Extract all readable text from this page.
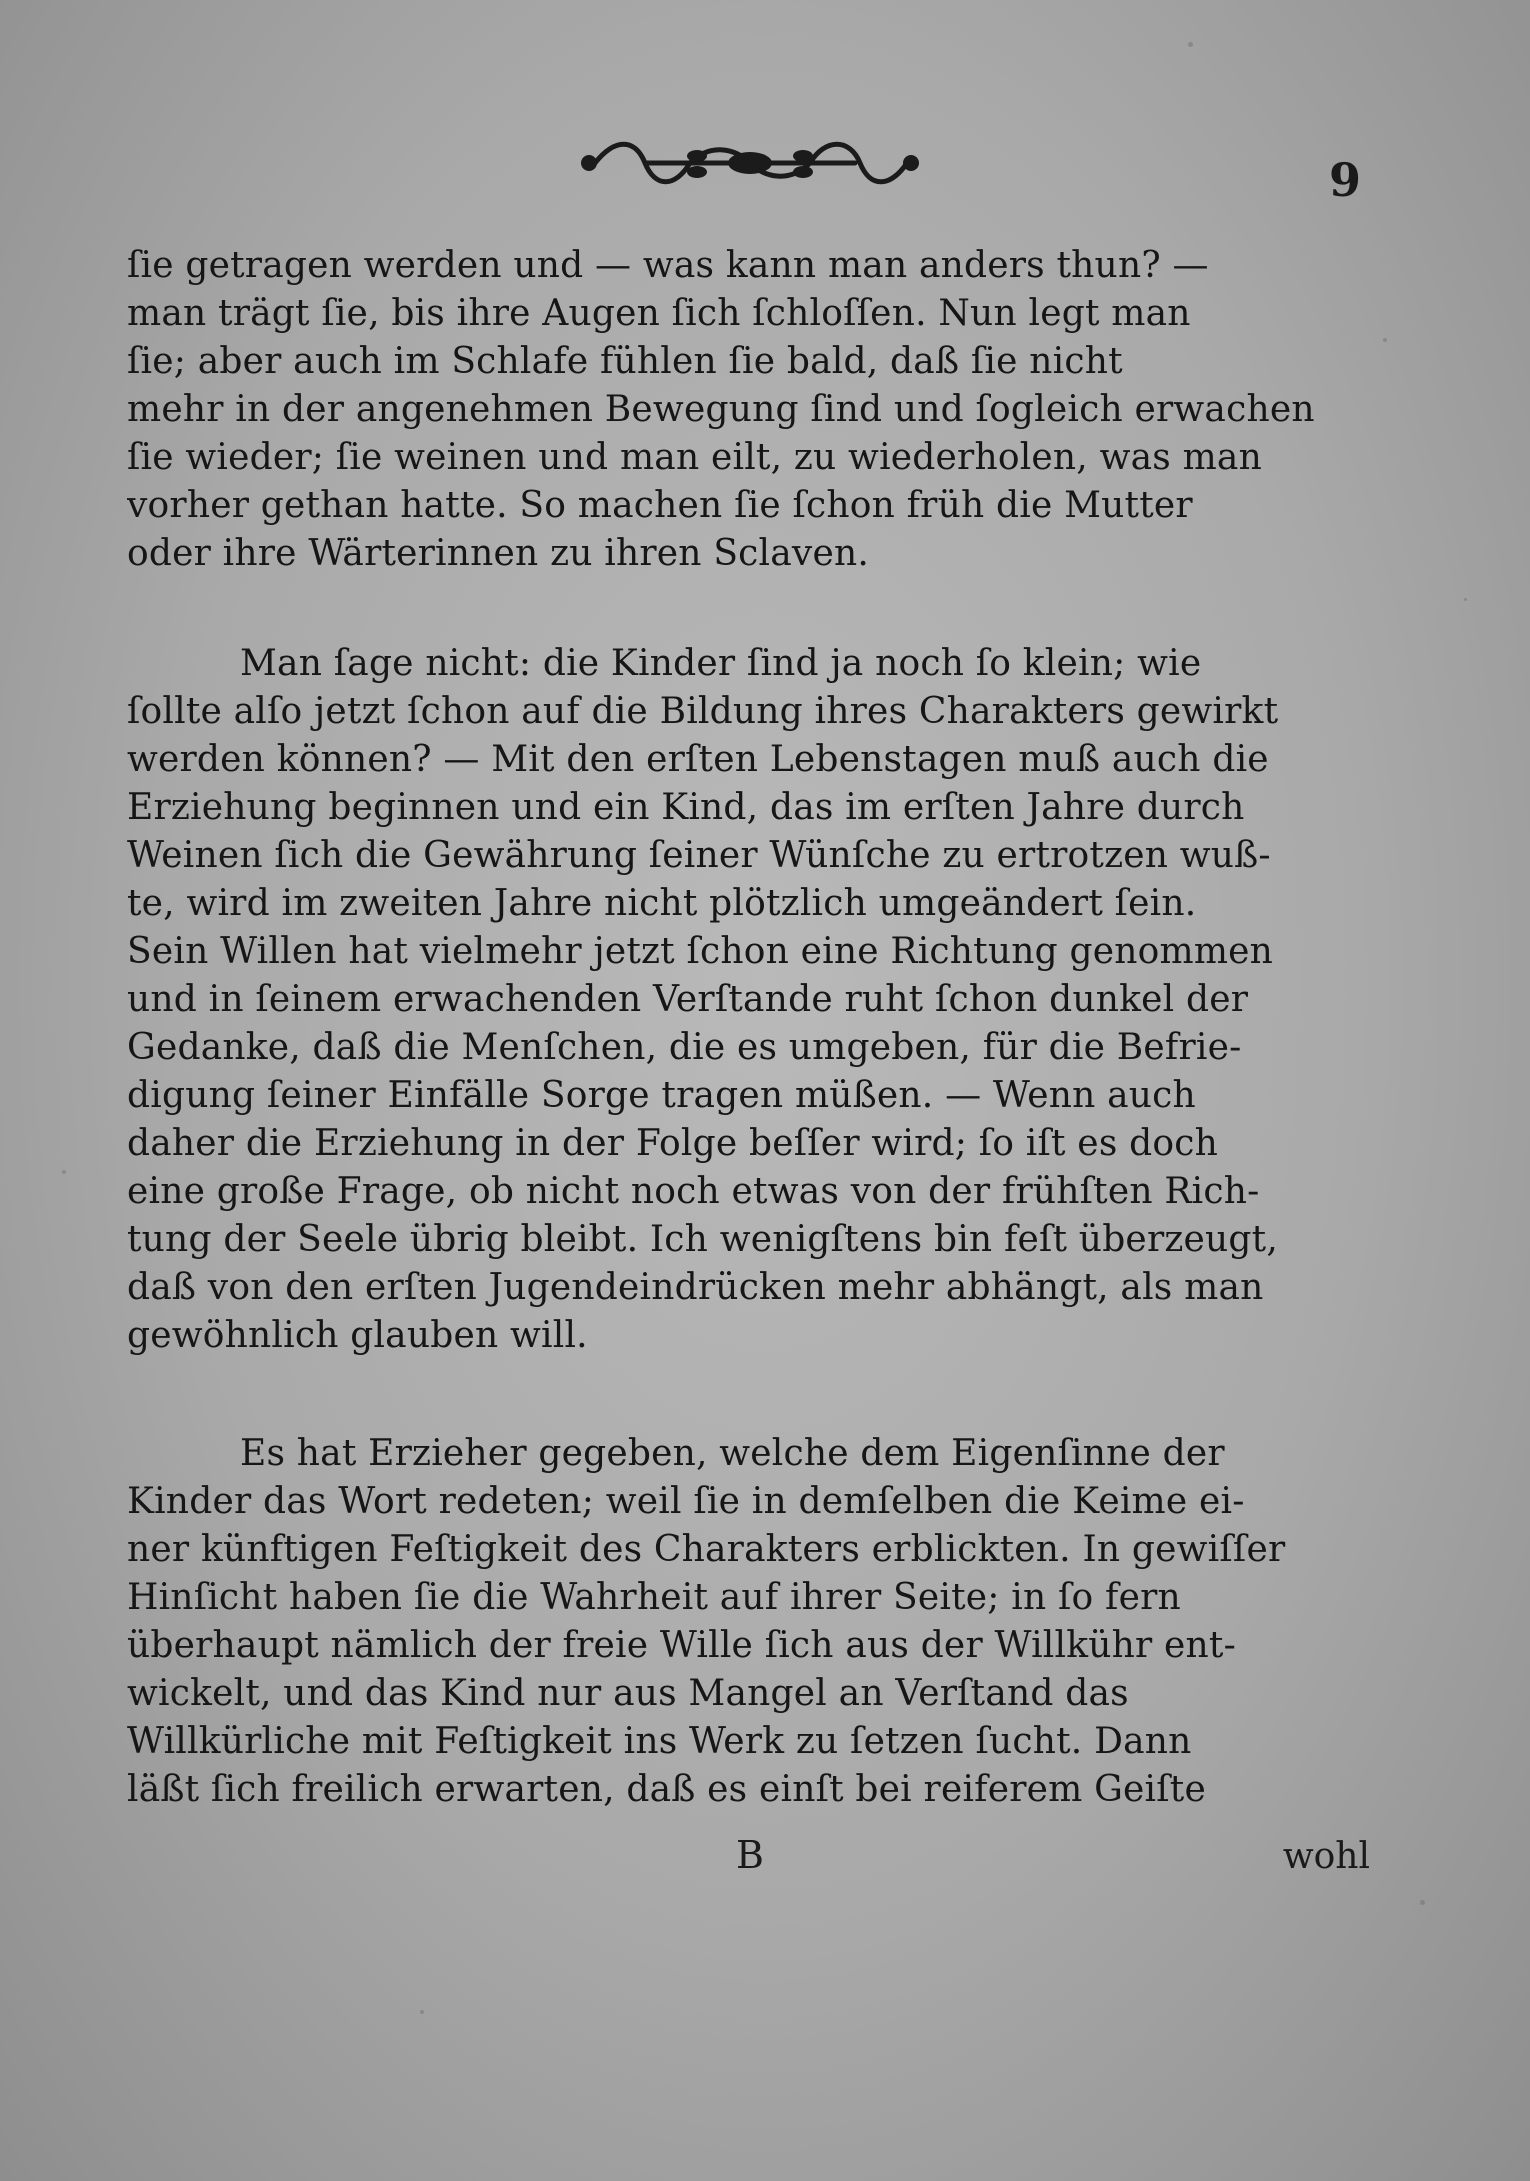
9
ſie getragen werden und — was kann man anders thun? —
man trägt ſie, bis ihre Augen ſich ſchloſſen. Nun legt man
ſie; aber auch im Schlafe fühlen ſie bald, daß ſie nicht
mehr in der angenehmen Bewegung ſind und ſogleich erwachen
ſie wieder; ſie weinen und man eilt, zu wiederholen, was man
vorher gethan hatte. So machen ſie ſchon früh die Mutter
oder ihre Wärterinnen zu ihren Sclaven.
Man ſage nicht: die Kinder ſind ja noch ſo klein; wie
ſollte alſo jetzt ſchon auf die Bildung ihres Charakters gewirkt
werden können? — Mit den erſten Lebenstagen muß auch die
Erziehung beginnen und ein Kind, das im erſten Jahre durch
Weinen ſich die Gewährung ſeiner Wünſche zu ertrotzen wuß-
te, wird im zweiten Jahre nicht plötzlich umgeändert ſein.
Sein Willen hat vielmehr jetzt ſchon eine Richtung genommen
und in ſeinem erwachenden Verſtande ruht ſchon dunkel der
Gedanke, daß die Menſchen, die es umgeben, für die Befrie-
digung ſeiner Einfälle Sorge tragen müßen. — Wenn auch
daher die Erziehung in der Folge beſſer wird; ſo iſt es doch
eine große Frage, ob nicht noch etwas von der frühſten Rich-
tung der Seele übrig bleibt. Ich wenigſtens bin feſt überzeugt,
daß von den erſten Jugendeindrücken mehr abhängt, als man
gewöhnlich glauben will.
Es hat Erzieher gegeben, welche dem Eigenſinne der
Kinder das Wort redeten; weil ſie in demſelben die Keime ei-
ner künftigen Feſtigkeit des Charakters erblickten. In gewiſſer
Hinſicht haben ſie die Wahrheit auf ihrer Seite; in ſo fern
überhaupt nämlich der freie Wille ſich aus der Willkühr ent-
wickelt, und das Kind nur aus Mangel an Verſtand das
Willkürliche mit Feſtigkeit ins Werk zu ſetzen ſucht. Dann
läßt ſich freilich erwarten, daß es einſt bei reiferem Geiſte
B	wohl
